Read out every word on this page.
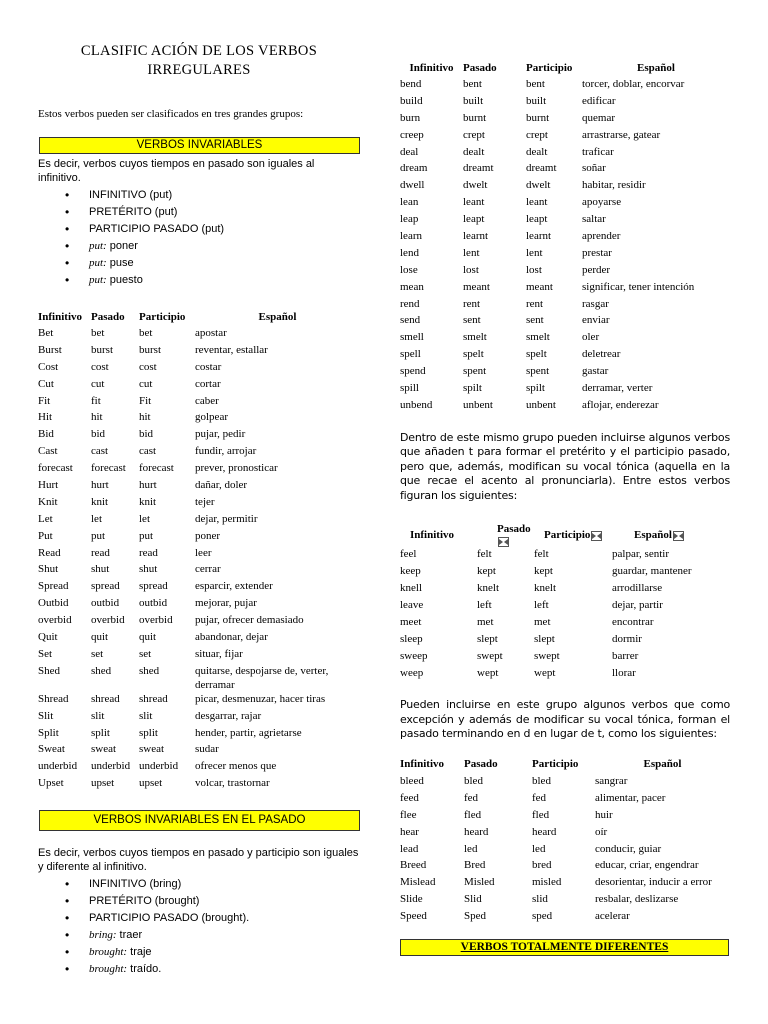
CLASIFIC ACIÓN DE LOS VERBOS IRREGULARES

Estos verbos pueden ser clasificados en tres grandes grupos:

VERBOS INVARIABLES

Es decir, verbos cuyos tiempos en pasado son iguales al infinitivo.

• INFINITIVO (put)
• PRETÉRITO (put)
• PARTICIPIO PASADO (put)
• put: poner
• put: puse
• put: puesto
Infinitivo	Pasado	Participio	Español
Bet	bet	bet	apostar
Burst	burst	burst	reventar, estallar
Cost	cost	cost	costar
Cut	cut	cut	cortar
Fit	fit	Fit	caber
Hit	hit	hit	golpear
Bid	bid	bid	pujar, pedir
Cast	cast	cast	fundir, arrojar
forecast	forecast	forecast	prever, pronosticar
Hurt	hurt	hurt	dañar, doler
Knit	knit	knit	tejer
Let	let	let	dejar, permitir
Put	put	put	poner
Read	read	read	leer
Shut	shut	shut	cerrar
Spread	spread	spread	esparcir, extender
Outbid	outbid	outbid	mejorar, pujar
overbid	overbid	overbid	pujar, ofrecer demasiado
Quit	quit	quit	abandonar, dejar
Set	set	set	situar, fijar
Shed	shed	shed	quitarse, despojarse de, verter, derramar
Shread	shread	shread	picar, desmenuzar, hacer tiras
Slit	slit	slit	desgarrar, rajar
Split	split	split	hender, partir, agrietarse
Sweat	sweat	sweat	sudar
underbid	underbid	underbid	ofrecer menos que
Upset	upset	upset	volcar, trastornar
VERBOS INVARIABLES EN EL PASADO

Es decir, verbos cuyos tiempos en pasado y participio son iguales y diferente al infinitivo.

• INFINITIVO (bring)
• PRETÉRITO (brought)
• PARTICIPIO PASADO (brought).
• bring: traer
• brought: traje
• brought: traído.
Infinitivo	Pasado	Participio	Español
bend	bent	bent	torcer, doblar, encorvar
build	built	built	edificar
burn	burnt	burnt	quemar
creep	crept	crept	arrastrarse, gatear
deal	dealt	dealt	traficar
dream	dreamt	dreamt	soñar
dwell	dwelt	dwelt	habitar, residir
lean	leant	leant	apoyarse
leap	leapt	leapt	saltar
learn	learnt	learnt	aprender
lend	lent	lent	prestar
lose	lost	lost	perder
mean	meant	meant	significar, tener intención
rend	rent	rent	rasgar
send	sent	sent	enviar
smell	smelt	smelt	oler
spell	spelt	spelt	deletrear
spend	spent	spent	gastar
spill	spilt	spilt	derramar, verter
unbend	unbent	unbent	aflojar, enderezar

Dentro de este mismo grupo pueden incluirse algunos verbos que añaden t para formar el pretérito y el participio pasado, pero que, además, modifican su vocal tónica (aquella en la que recae el acento al pronunciarla). Entre estos verbos figuran los siguientes:

Infinitivo	Pasado	Participio	Español
feel	felt	felt	palpar, sentir
keep	kept	kept	guardar, mantener
knell	knelt	knelt	arrodillarse
leave	left	left	dejar, partir
meet	met	met	encontrar
sleep	slept	slept	dormir
sweep	swept	swept	barrer
weep	wept	wept	llorar

Pueden incluirse en este grupo algunos verbos que como excepción y además de modificar su vocal tónica, forman el pasado terminando en d en lugar de t, como los siguientes:

Infinitivo	Pasado	Participio	Español
bleed	bled	bled	sangrar
feed	fed	fed	alimentar, pacer
flee	fled	fled	huir
hear	heard	heard	oír
lead	led	led	conducir, guiar
Breed	Bred	bred	educar, criar, engendrar
Mislead	Misled	misled	desorientar, inducir a error
Slide	Slid	slid	resbalar, deslizarse
Speed	Sped	sped	acelerar
VERBOS TOTALMENTE DIFERENTES
